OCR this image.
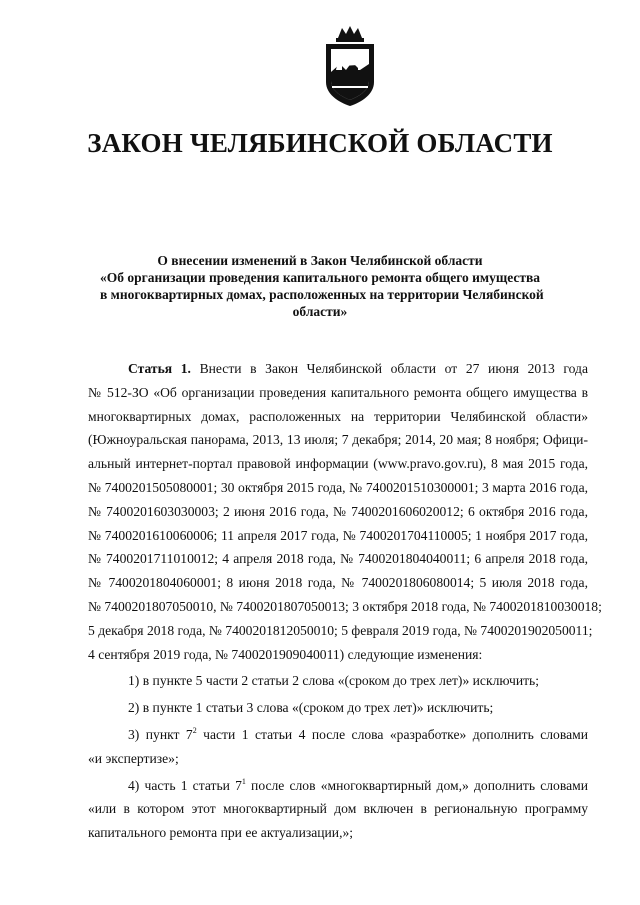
ЗАКОН ЧЕЛЯБИНСКОЙ ОБЛАСТИ
О внесении изменений в Закон Челябинской области
«Об организации проведения капитального ремонта общего имущества
в многоквартирных домах, расположенных на территории Челябинской
области»
Статья 1. Внести в Закон Челябинской области от 27 июня 2013 года
№ 512-ЗО «Об организации проведения капитального ремонта общего имущества в
многоквартирных домах, расположенных на территории Челябинской области»
(Южноуральская панорама, 2013, 13 июля; 7 декабря; 2014, 20 мая; 8 ноября; Офици-
альный интернет-портал правовой информации (www.pravo.gov.ru), 8 мая 2015 года,
№ 7400201505080001; 30 октября 2015 года, № 7400201510300001; 3 марта 2016 года,
№ 7400201603030003; 2 июня 2016 года, № 7400201606020012; 6 октября 2016 года,
№ 7400201610060006; 11 апреля 2017 года, № 7400201704110005; 1 ноября 2017 года,
№ 7400201711010012; 4 апреля 2018 года, № 7400201804040011; 6 апреля 2018 года,
№ 7400201804060001; 8 июня 2018 года, № 7400201806080014; 5 июля 2018 года,
№ 7400201807050010, № 7400201807050013; 3 октября 2018 года, № 7400201810030018;
5 декабря 2018 года, № 7400201812050010; 5 февраля 2019 года, № 7400201902050011;
4 сентября 2019 года, № 7400201909040011) следующие изменения:
1) в пункте 5 части 2 статьи 2 слова «(сроком до трех лет)» исключить;
2) в пункте 1 статьи 3 слова «(сроком до трех лет)» исключить;
3) пункт $7^2$ части 1 статьи 4 после слова «разработке» дополнить словами
«и экспертизе»;
4) часть 1 статьи $7^1$ после слов «многоквартирный дом,» дополнить словами
«или в котором этот многоквартирный дом включен в региональную программу
капитального ремонта при ее актуализации,»;
